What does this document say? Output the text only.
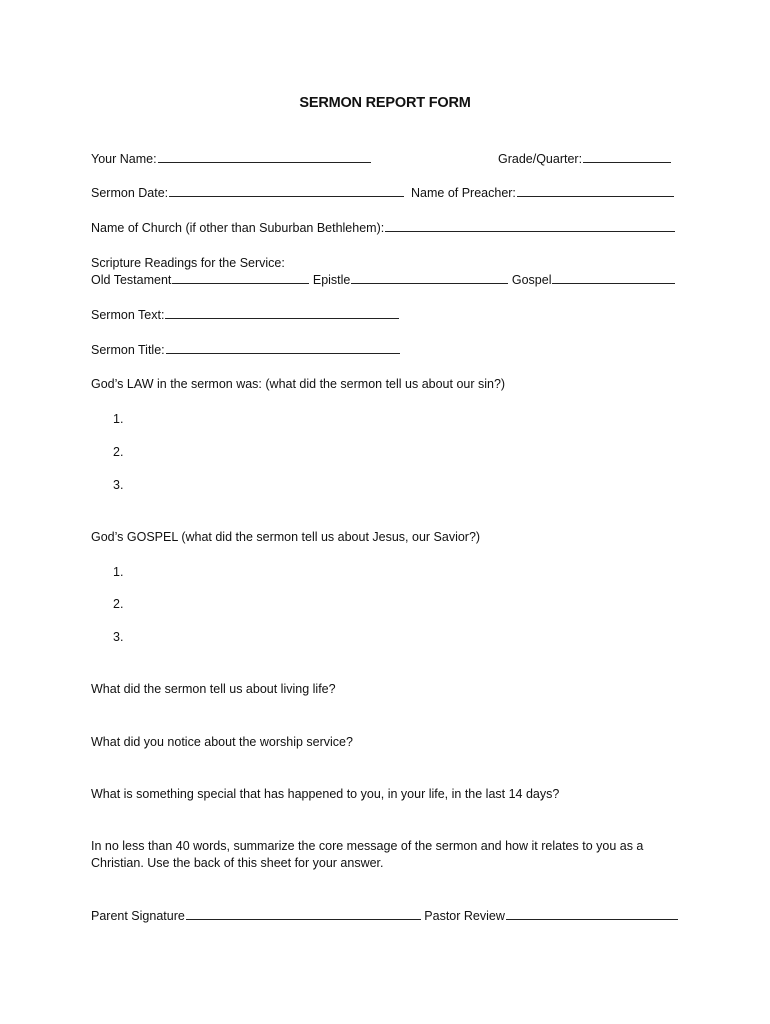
SERMON REPORT FORM
Your Name:	Grade/Quarter:
Sermon Date:	Name of Preacher:
Name of Church (if other than Suburban Bethlehem):
Scripture Readings for the Service:
Old Testament	Epistle	Gospel
Sermon Text:
Sermon Title:
God’s LAW in the sermon was: (what did the sermon tell us about our sin?)
1.
2.
3.
God’s GOSPEL (what did the sermon tell us about Jesus, our Savior?)
1.
2.
3.
What did the sermon tell us about living life?
What did you notice about the worship service?
What is something special that has happened to you, in your life, in the last 14 days?
In no less than 40 words, summarize the core message of the sermon and how it relates to you as a
Christian. Use the back of this sheet for your answer.
Parent Signature	Pastor Review
